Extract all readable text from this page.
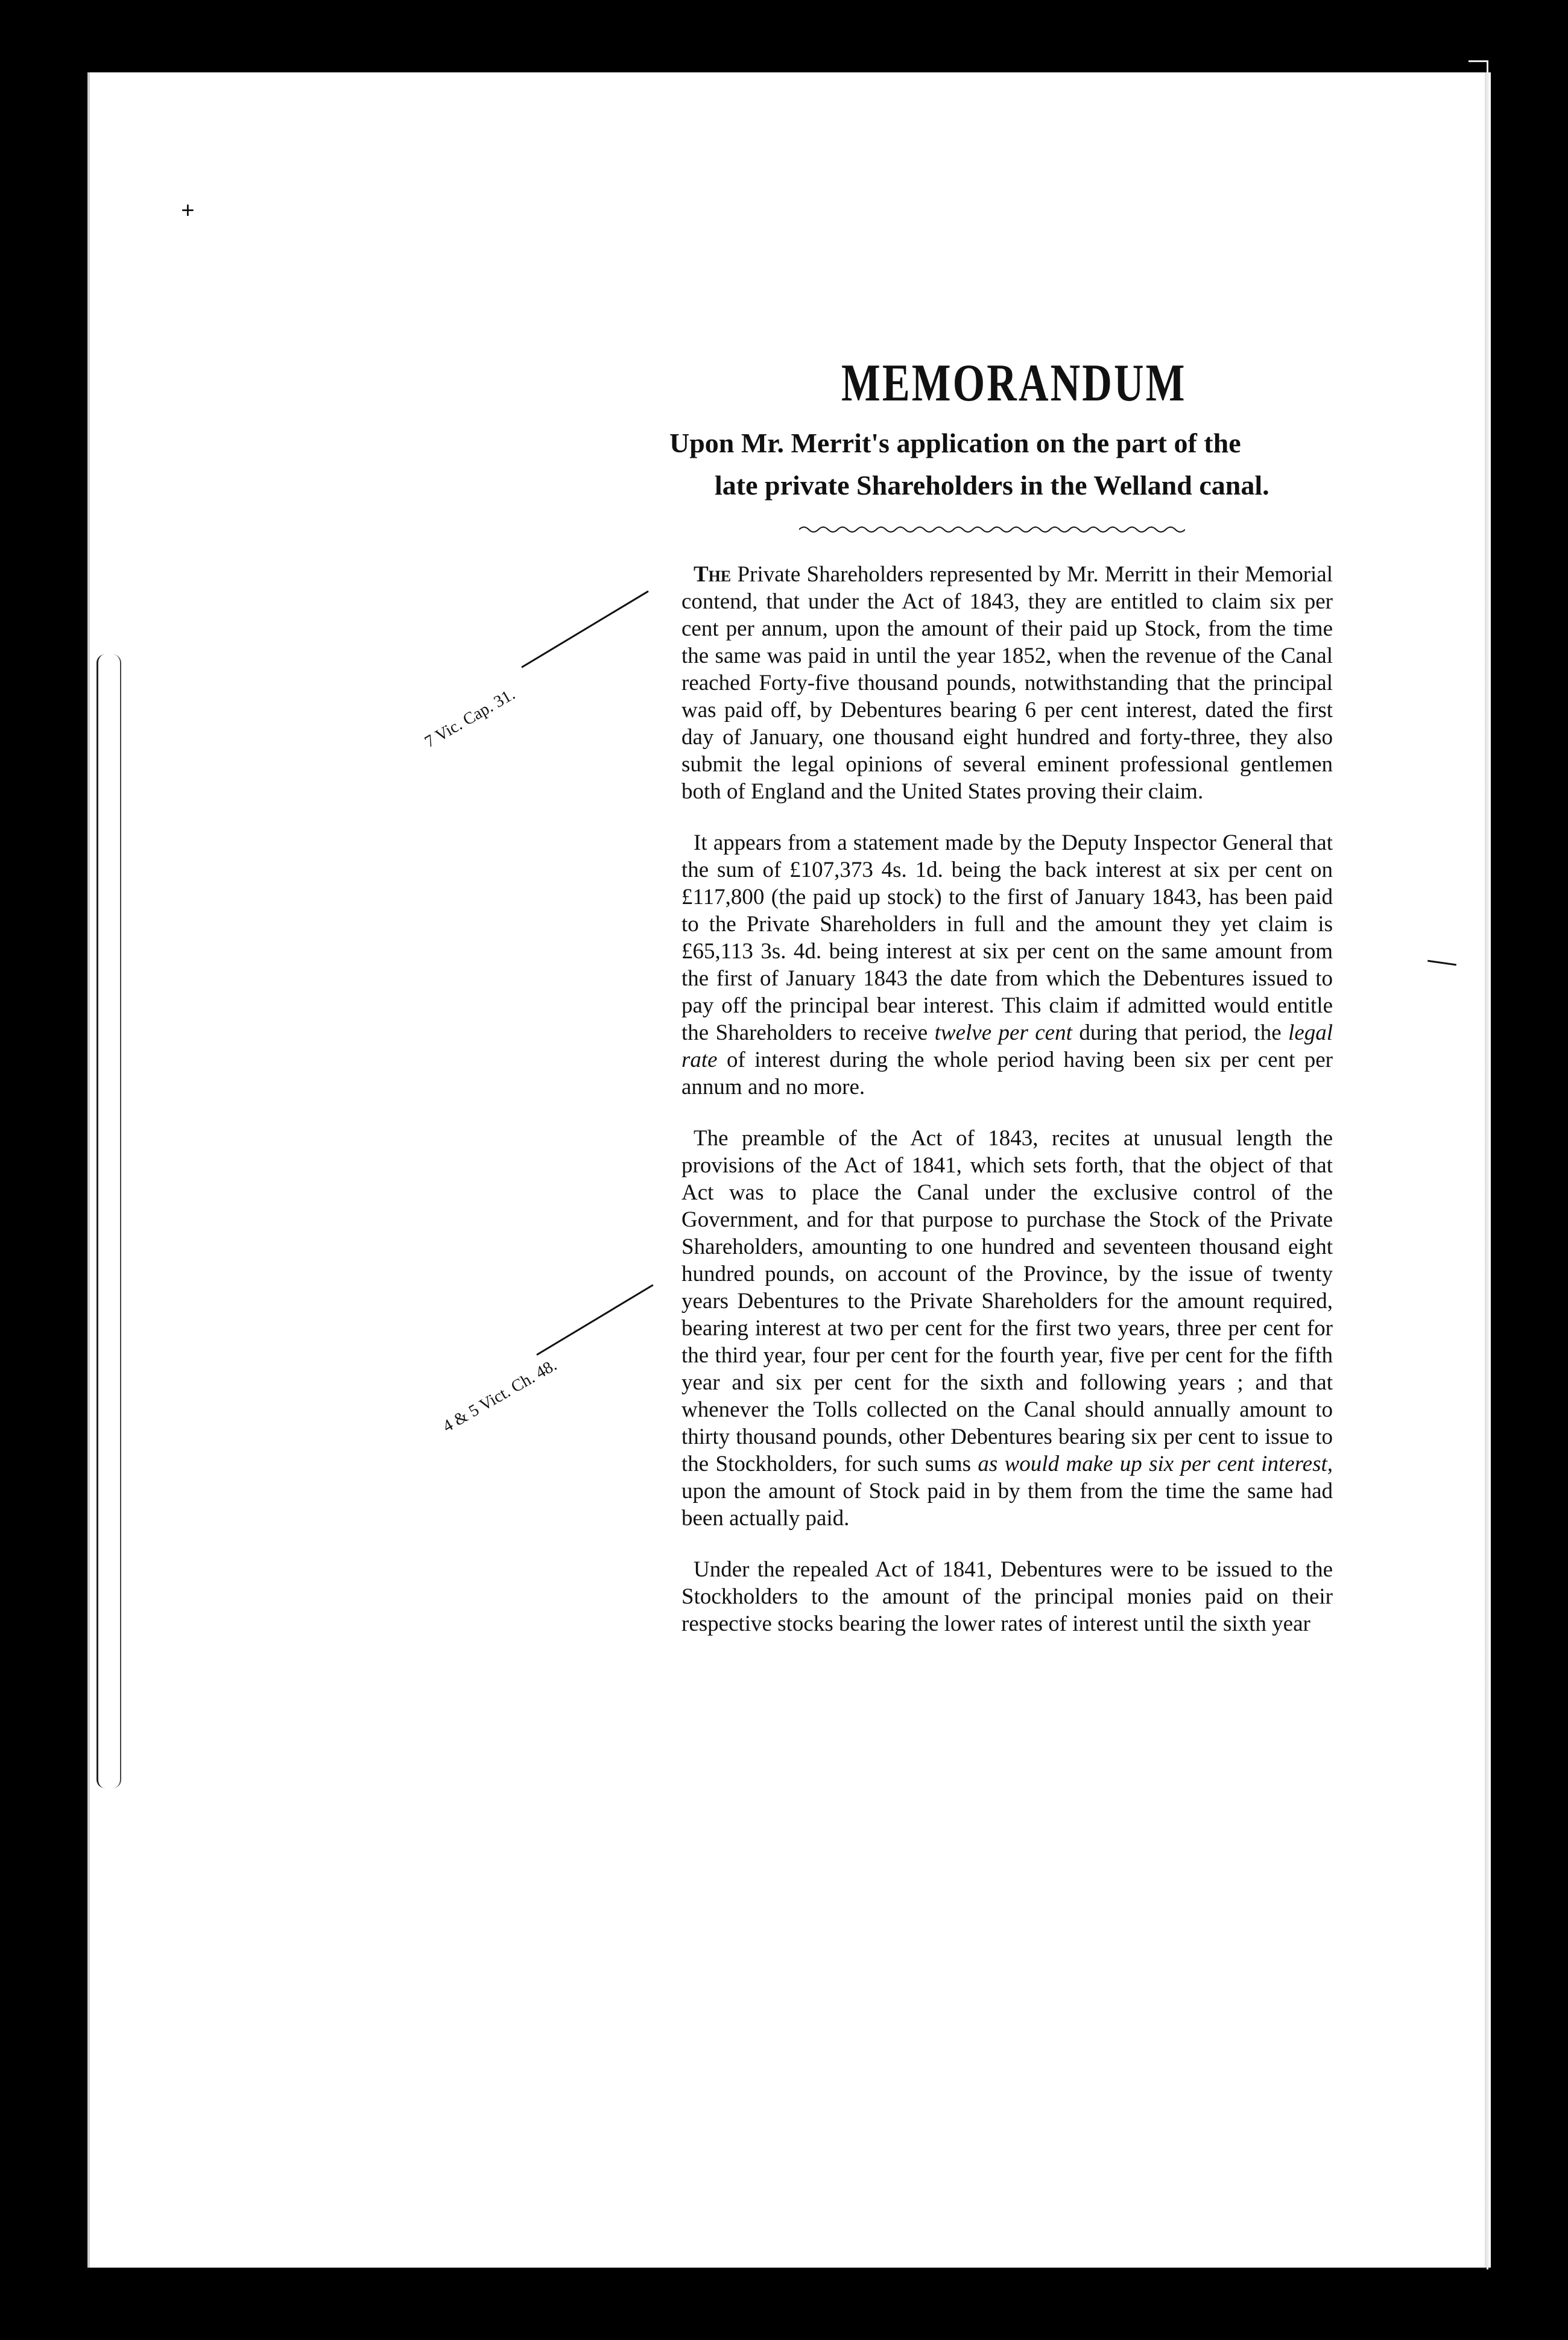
+
MEMORANDUM
Upon Mr. Merrit's application on the part of the
late private Shareholders in the Welland canal.
7 Vic. Cap. 31.
4 & 5 Vict. Ch. 48.

The Private Shareholders represented by Mr. Merritt in their Memorial contend, that under the Act of 1843, they are entitled to claim six per cent per annum, upon the amount of their paid up Stock, from the time the same was paid in until the year 1852, when the revenue of the Canal reached Forty-five thousand pounds, notwithstanding that the principal was paid off, by Debentures bearing 6 per cent interest, dated the first day of January, one thousand eight hundred and forty-three, they also submit the legal opinions of several eminent professional gentlemen both of England and the United States proving their claim.

It appears from a statement made by the Deputy Inspector General that the sum of £107,373 4s. 1d. being the back interest at six per cent on £117,800 (the paid up stock) to the first of January 1843, has been paid to the Private Shareholders in full and the amount they yet claim is £65,113 3s. 4d. being interest at six per cent on the same amount from the first of January 1843 the date from which the Debentures issued to pay off the principal bear interest. This claim if admitted would entitle the Shareholders to receive twelve per cent during that period, the legal rate of interest during the whole period having been six per cent per annum and no more.

The preamble of the Act of 1843, recites at unusual length the provisions of the Act of 1841, which sets forth, that the object of that Act was to place the Canal under the exclusive control of the Government, and for that purpose to purchase the Stock of the Private Shareholders, amounting to one hundred and seventeen thousand eight hundred pounds, on account of the Province, by the issue of twenty years Debentures to the Private Shareholders for the amount required, bearing interest at two per cent for the first two years, three per cent for the third year, four per cent for the fourth year, five per cent for the fifth year and six per cent for the sixth and following years ; and that whenever the Tolls collected on the Canal should annually amount to thirty thousand pounds, other Debentures bearing six per cent to issue to the Stockholders, for such sums as would make up six per cent interest, upon the amount of Stock paid in by them from the time the same had been actually paid.

Under the repealed Act of 1841, Debentures were to be issued to the Stockholders to the amount of the principal monies paid on their respective stocks bearing the lower rates of interest until the sixth year
